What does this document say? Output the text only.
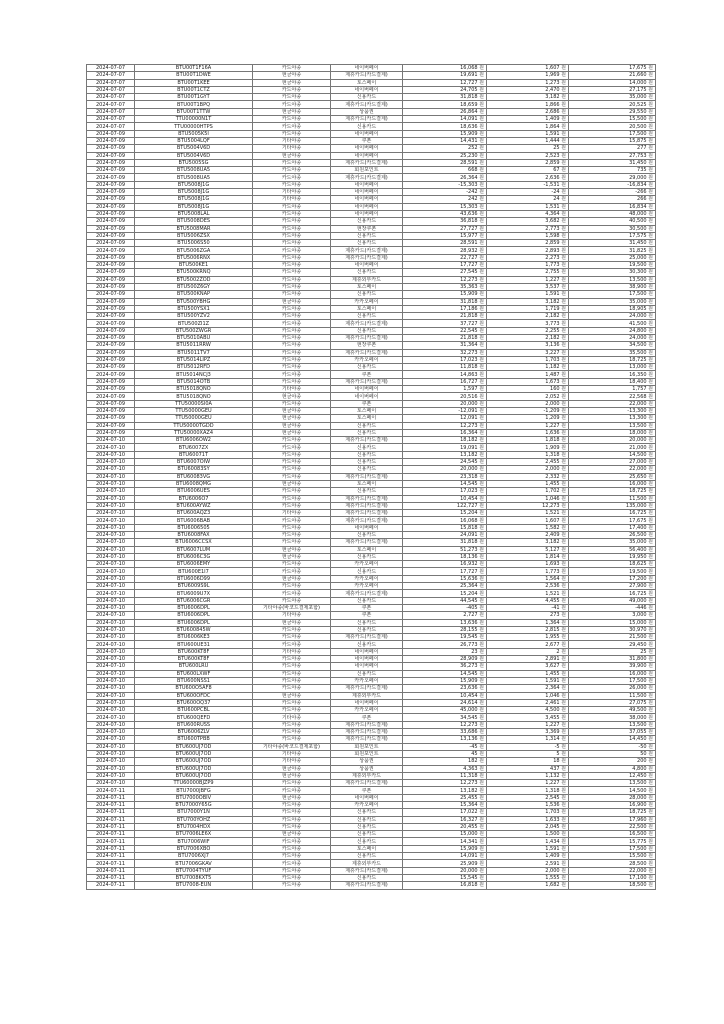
2024-07-07	BTU00T1F16A	카드야종	네이버페이	16,068 원	1,607 원	17,675 원
2024-07-07	BTU00T1DWE	현금야종	제휴카드(카드결제)	19,691 원	1,969 원	21,660 원
2024-07-07	BTU00T1KEE	현금야종	토스페이	12,727 원	1,273 원	14,000 원
2024-07-07	BTU00T1CTZ	카드야종	네이버페이	24,705 원	2,470 원	27,175 원
2024-07-07	BTU00T1GYT	카드야종	신용카드	31,818 원	3,182 원	35,000 원
2024-07-07	BTU00T1BPQ	카드야종	제휴카드(카드결제)	18,659 원	1,866 원	20,525 원
2024-07-07	BTU00T1TTW	현금야종	상품권	26,864 원	2,686 원	29,550 원
2024-07-07	TTU00000N1T	카드야종	제휴카드(카드결제)	14,091 원	1,409 원	15,500 원
2024-07-07	TTU00000HTPS	카드야종	신용카드	18,636 원	1,864 원	20,500 원
2024-07-09	BTU5005K5I	카드야종	네이버페이	15,909 원	1,591 원	17,500 원
2024-07-09	BTU5004LQF	기타야종	쿠폰	14,431 원	1,444 원	15,875 원
2024-07-09	BTU5004V6D	기타야종	네이버페이	252 원	25 원	277 원
2024-07-09	BTU5004V6D	현금야종	네이버페이	25,230 원	2,523 원	27,753 원
2024-07-09	BTU5005SG	카드야종	제휴카드(카드결제)	28,591 원	2,859 원	31,450 원
2024-07-09	BTU5008UA5	카드야종	회원포인트	668 원	67 원	735 원
2024-07-09	BTU5008UA5	카드야종	제휴카드(카드결제)	26,364 원	2,636 원	29,000 원
2024-07-09	BTU5008J1G	카드야종	네이버페이	-15,303 원	-1,531 원	-16,834 원
2024-07-09	BTU5008J1G	기타야종	네이버페이	-242 원	-24 원	-266 원
2024-07-09	BTU5008J1G	기타야종	네이버페이	242 원	24 원	266 원
2024-07-09	BTU5008J1G	카드야종	네이버페이	15,303 원	1,531 원	16,834 원
2024-07-09	BTU5008LAL	카드야종	네이버페이	43,636 원	4,364 원	48,000 원
2024-07-09	BTU5008DES	카드야종	신용카드	36,818 원	3,682 원	40,500 원
2024-07-09	BTU5008MAR	카드야종	현장쿠폰	27,727 원	2,773 원	30,500 원
2024-07-09	BTU5006ZSX	카드야종	신용카드	15,977 원	1,598 원	17,575 원
2024-07-09	BTU5006S50	카드야종	신용카드	28,591 원	2,859 원	31,450 원
2024-07-09	BTU5006ZGA	카드야종	제휴카드(카드결제)	28,932 원	2,893 원	31,825 원
2024-07-09	BTU5006RNX	카드야종	제휴카드(카드결제)	22,727 원	2,273 원	25,000 원
2024-07-09	BTU500KE1	카드야종	네이버페이	17,727 원	1,773 원	19,500 원
2024-07-09	BTU500KRNQ	카드야종	신용카드	27,545 원	2,755 원	30,300 원
2024-07-09	BTU5002ZOD	카드야종	제휴외부카드	12,273 원	1,227 원	13,500 원
2024-07-09	BTU500Z6GY	카드야종	토스페이	35,363 원	3,537 원	38,900 원
2024-07-09	BTU500KNAP	카드야종	신용카드	15,909 원	1,591 원	17,500 원
2024-07-09	BTU500YBHG	현금야종	카카오페이	31,818 원	3,182 원	35,000 원
2024-07-09	BTU500YSX1	카드야종	토스페이	17,186 원	1,719 원	18,905 원
2024-07-09	BTU500YZV2	카드야종	신용카드	21,818 원	2,182 원	24,000 원
2024-07-09	BTU500ZI1Z	카드야종	제휴카드(카드결제)	37,727 원	3,773 원	41,500 원
2024-07-09	BTU500ZWGR	카드야종	신용카드	22,545 원	2,255 원	24,800 원
2024-07-09	BTU5010ABU	카드야종	제휴카드(카드결제)	21,818 원	2,182 원	24,000 원
2024-07-09	BTU5011RRW	카드야종	현장쿠폰	31,364 원	3,136 원	34,500 원
2024-07-09	BTU5011TV7	카드야종	제휴카드(카드결제)	32,273 원	3,227 원	35,500 원
2024-07-09	BTU5014LIPZ	카드야종	카카오페이	17,023 원	1,703 원	18,725 원
2024-07-09	BTU5012RFD	카드야종	신용카드	11,818 원	1,182 원	13,000 원
2024-07-09	BTU5014NCJ3	카드야종	쿠폰	14,863 원	1,487 원	16,350 원
2024-07-09	BTU5014OTB	카드야종	제휴카드(카드결제)	16,727 원	1,673 원	18,400 원
2024-07-09	BTU5018QNO	기타야종	네이버페이	1,597 원	160 원	1,757 원
2024-07-09	BTU5018QNO	현금야종	네이버페이	20,516 원	2,052 원	22,568 원
2024-07-09	TTU50000SI0A	카드야종	쿠폰	20,000 원	2,000 원	22,000 원
2024-07-09	TTU50000GEU	현금야종	토스페이	-12,091 원	-1,209 원	-13,300 원
2024-07-09	TTU50000GEU	현금야종	토스페이	12,091 원	1,209 원	13,300 원
2024-07-09	TTU50000TGDD	현금야종	신용카드	12,273 원	1,227 원	13,500 원
2024-07-09	TTU50000XAZ4	현금야종	신용카드	16,364 원	1,636 원	18,000 원
2024-07-10	BTU6006OW2	카드야종	제휴카드(카드결제)	18,182 원	1,818 원	20,000 원
2024-07-10	BTU6007ZX	카드야종	신용카드	19,091 원	1,909 원	21,000 원
2024-07-10	BTU60071T	카드야종	신용카드	13,182 원	1,318 원	14,500 원
2024-07-10	BTU6007OIW	카드야종	신용카드	24,545 원	2,455 원	27,000 원
2024-07-10	BTU60083SY	카드야종	신용카드	20,000 원	2,000 원	22,000 원
2024-07-10	BTU60083VG	카드야종	제휴카드(카드결제)	23,318 원	2,332 원	25,650 원
2024-07-10	BTU6008QMG	현금야종	토스페이	14,545 원	1,455 원	16,000 원
2024-07-10	BTU6006UES	카드야종	신용카드	17,023 원	1,702 원	18,725 원
2024-07-10	BTU6006O7	카드야종	제휴카드(카드결제)	10,454 원	1,046 원	11,500 원
2024-07-10	BTU600AYWZ	카드야종	제휴카드(카드결제)	122,727 원	12,273 원	135,000 원
2024-07-10	BTU600AQZ3	기타야종	제휴카드(카드결제)	15,204 원	1,521 원	16,725 원
2024-07-10	BTU6006BAB	카드야종	제휴카드(카드결제)	16,068 원	1,607 원	17,675 원
2024-07-10	BTU6006505	카드야종	네이버페이	15,818 원	1,582 원	17,400 원
2024-07-10	BTU6008FAX	카드야종	신용카드	24,091 원	2,409 원	26,500 원
2024-07-10	BTU6006CCSX	카드야종	제휴카드(카드결제)	31,818 원	3,182 원	35,000 원
2024-07-10	BTU6007LUM	현금야종	토스페이	51,273 원	5,127 원	56,400 원
2024-07-10	BTU6006C3G	현금야종	신용카드	18,136 원	1,814 원	19,950 원
2024-07-10	BTU6006EMY	카드야종	카카오페이	16,932 원	1,693 원	18,625 원
2024-07-10	BTU600E1I7	카드야종	신용카드	17,727 원	1,773 원	19,500 원
2024-07-10	BTU6006D99	현금야종	카카오페이	15,636 원	1,564 원	17,200 원
2024-07-10	BTU6009S9L	카드야종	카카오페이	25,364 원	2,536 원	27,900 원
2024-07-10	BTU6009U7X	카드야종	제휴카드(카드결제)	15,204 원	1,521 원	16,725 원
2024-07-10	BTU6006CGR	카드야종	신용카드	44,545 원	4,455 원	49,000 원
2024-07-10	BTU6006DPL	기타야종(바코드결제포함)	쿠폰	-405 원	-41 원	-446 원
2024-07-10	BTU6006DPL	기타야종	쿠폰	2,727 원	273 원	3,000 원
2024-07-10	BTU6006DPL	현금야종	신용카드	13,636 원	1,364 원	15,000 원
2024-07-10	BTU600845W	카드야종	신용카드	28,155 원	2,815 원	30,970 원
2024-07-10	BTU6006KE3	카드야종	제휴카드(카드결제)	19,545 원	1,955 원	21,500 원
2024-07-10	BTU600UE31	카드야종	신용카드	26,773 원	2,677 원	29,450 원
2024-07-10	BTU600KT8F	기타야종	네이버페이	23 원	2 원	25 원
2024-07-10	BTU600KT8F	카드야종	네이버페이	28,909 원	2,891 원	31,800 원
2024-07-10	BTU600LRU	카드야종	네이버페이	36,273 원	3,627 원	39,900 원
2024-07-10	BTU600LXWF	카드야종	신용카드	14,545 원	1,455 원	16,000 원
2024-07-10	BTU600NSS1	카드야종	카카오페이	15,909 원	1,591 원	17,500 원
2024-07-10	BTU600O5AF8	카드야종	제휴카드(카드결제)	23,636 원	2,364 원	26,000 원
2024-07-10	BTU600OFDC	현금야종	제휴외부카드	10,454 원	1,046 원	11,500 원
2024-07-10	BTU600OQ37	카드야종	네이버페이	24,614 원	2,461 원	27,075 원
2024-07-10	BTU600PCBL	카드야종	카카오페이	45,000 원	4,500 원	49,500 원
2024-07-10	BTU600QEFD	기타야종	쿠폰	34,545 원	3,455 원	38,000 원
2024-07-10	BTU600RUSS	카드야종	제휴카드(카드결제)	12,273 원	1,227 원	13,500 원
2024-07-10	BTU6006ZLV	카드야종	제휴카드(카드결제)	33,686 원	3,369 원	37,055 원
2024-07-10	BTU600TPBB	카드야종	제휴카드(카드결제)	13,136 원	1,314 원	14,450 원
2024-07-10	BTU600UJ7OD	기타야종(바코드결제포함)	회원포인트	-45 원	-5 원	-50 원
2024-07-10	BTU600UJ7OD	기타야종	회원포인트	45 원	5 원	50 원
2024-07-10	BTU600UJ7OD	기타야종	상품권	182 원	18 원	200 원
2024-07-10	BTU600UJ7OD	현금야종	상품권	4,363 원	437 원	4,800 원
2024-07-10	BTU600UJ7OD	현금야종	제휴외부카드	11,318 원	1,132 원	12,450 원
2024-07-10	TTU60000BJZP9	카드야종	제휴카드(카드결제)	12,273 원	1,227 원	13,500 원
2024-07-11	BTU7000JBFG	카드야종	쿠폰	13,182 원	1,318 원	14,500 원
2024-07-11	BTU7000OBIV	현금야종	네이버페이	25,455 원	2,545 원	28,000 원
2024-07-11	BTU7000Y65G	카드야종	카카오페이	15,364 원	1,536 원	16,900 원
2024-07-11	BTU7000Y1N	카드야종	신용카드	17,022 원	1,703 원	18,725 원
2024-07-11	BTU700YOHZ	카드야종	신용카드	16,327 원	1,633 원	17,960 원
2024-07-11	BTU7004HDX	카드야종	신용카드	20,455 원	2,045 원	22,500 원
2024-07-11	BTU7006LE6X	현금야종	신용카드	15,000 원	1,500 원	16,500 원
2024-07-11	BTU7006WIF	카드야종	신용카드	14,341 원	1,434 원	15,775 원
2024-07-11	BTU7006XBO	카드야종	토스페이	15,909 원	1,591 원	17,500 원
2024-07-11	BTU7006XJ7	카드야종	신용카드	14,091 원	1,409 원	15,500 원
2024-07-11	BTU7006GKAV	카드야종	제휴외부카드	25,909 원	2,591 원	28,500 원
2024-07-11	BTU7004TYUF	카드야종	제휴카드(카드결제)	20,000 원	2,000 원	22,000 원
2024-07-11	BTU7008KXT5	카드야종	신용카드	15,545 원	1,555 원	17,100 원
2024-07-11	BTU7008-EUN	카드야종	제휴카드(카드결제)	16,818 원	1,682 원	18,500 원
